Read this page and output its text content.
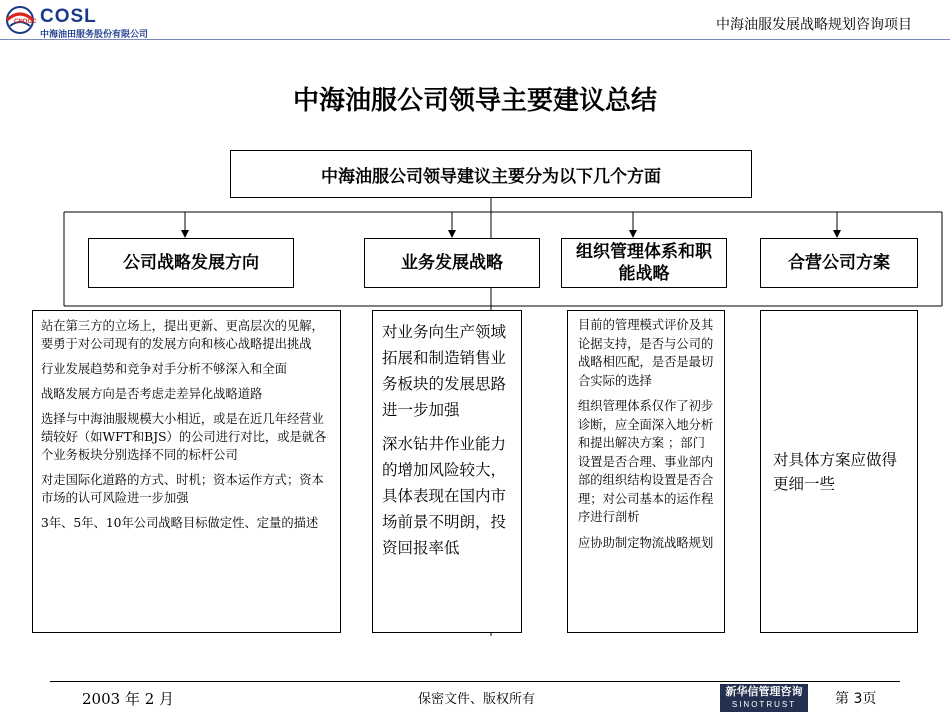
CNOOC COSL
中海油田服务股份有限公司
中海油服发展战略规划咨询项目
中海油服公司领导主要建议总结
中海油服公司领导建议主要分为以下几个方面
公司战略发展方向	业务发展战略
组织管理体系和职能战略
合营公司方案

站在第三方的立场上，提出更新、更高层次的见解，要勇于对公司现有的发展方向和核心战略提出挑战

行业发展趋势和竞争对手分析不够深入和全面

战略发展方向是否考虑走差异化战略道路

选择与中海油服规模大小相近，或是在近几年经营业绩较好（如WFT和BJS）的公司进行对比，或是就各个业务板块分别选择不同的标杆公司

对走国际化道路的方式、时机；资本运作方式；资本市场的认可风险进一步加强

3年、5年、10年公司战略目标做定性、定量的描述

对业务向生产领域拓展和制造销售业务板块的发展思路进一步加强

深水钻井作业能力的增加风险较大，具体表现在国内市场前景不明朗，投资回报率低

目前的管理模式评价及其论据支持，是否与公司的战略相匹配，是否是最切合实际的选择

组织管理体系仅作了初步诊断，应全面深入地分析和提出解决方案 ；部门设置是否合理、事业部内部的组织结构设置是否合理；对公司基本的运作程序进行剖析

应协助制定物流战略规划

对具体方案应做得更细一些
2003 年 2 月	保密文件、版权所有
新华信管理咨询
SINOTRUST	第 3页
